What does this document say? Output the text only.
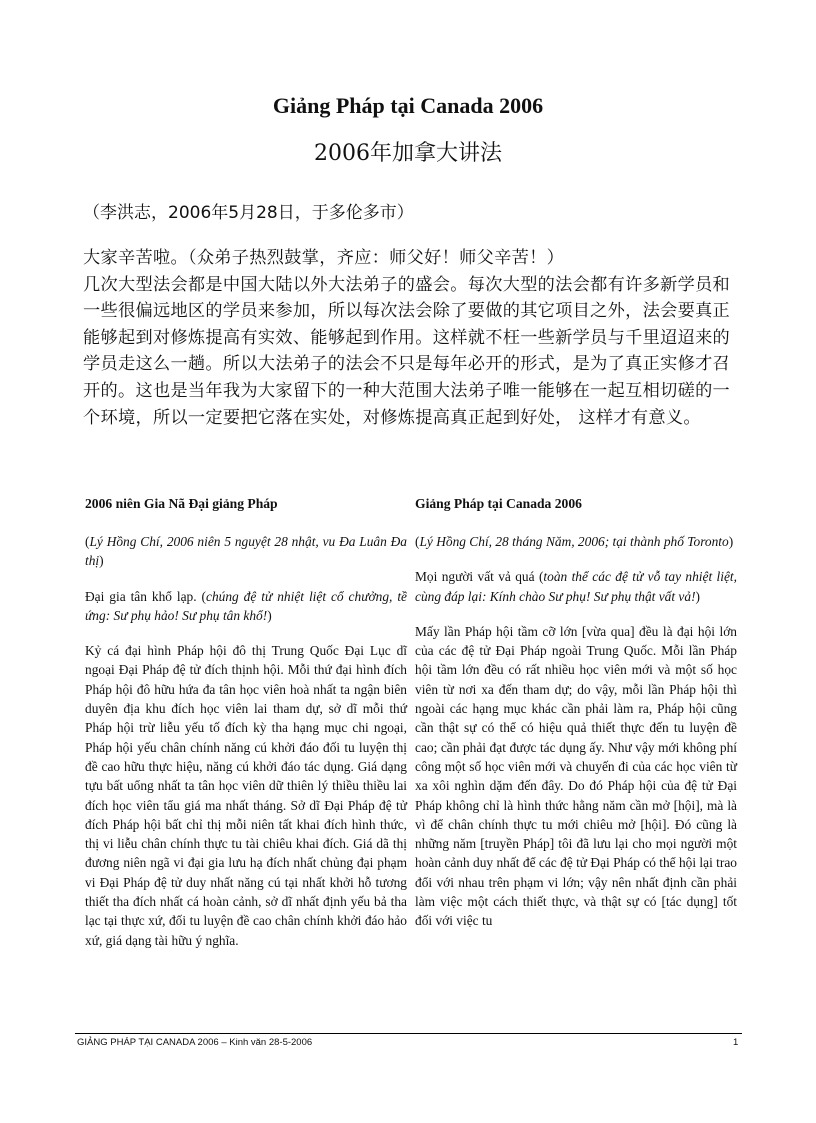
Giảng Pháp tại Canada 2006
2006年加拿大讲法
（李洪志，2006年5月28日，于多伦多市）

大家辛苦啦。（众弟子热烈鼓掌，齐应：师父好！师父辛苦！）

几次大型法会都是中国大陆以外大法弟子的盛会。每次大型的法会都有许多新学员和一些很偏远地区的学员来参加，所以每次法会除了要做的其它项目之外，法会要真正能够起到对修炼提高有实效、能够起到作用。这样就不枉一些新学员与千里迢迢来的学员走这么一趟。所以大法弟子的法会不只是每年必开的形式，是为了真正实修才召开的。这也是当年我为大家留下的一种大范围大法弟子唯一能够在一起互相切磋的一个环境，所以一定要把它落在实处，对修炼提高真正起到好处， 这样才有意义。

2006 niên Gia Nã Đại giảng Pháp

(Lý Hồng Chí, 2006 niên 5 nguyệt 28 nhật, vu Đa Luân Đa thị)

Đại gia tân khổ lạp. (chúng đệ tử nhiệt liệt cổ chưởng, tề ứng: Sư phụ hảo! Sư phụ tân khổ!)

Kỷ cá đại hình Pháp hội đô thị Trung Quốc Đại Lục dĩ ngoại Đại Pháp đệ tử đích thịnh hội. Mỗi thứ đại hình đích Pháp hội đô hữu hứa đa tân học viên hoà nhất ta ngận biên duyên địa khu đích học viên lai tham dự, sở dĩ mỗi thứ Pháp hội trừ liễu yếu tố đích kỳ tha hạng mục chi ngoại, Pháp hội yếu chân chính năng cú khởi đáo đối tu luyện thị đề cao hữu thực hiệu, năng cú khởi đáo tác dụng. Giá dạng tựu bất uổng nhất ta tân học viên dữ thiên lý thiều thiều lai đích học viên tẩu giá ma nhất tháng. Sở dĩ Đại Pháp đệ tử đích Pháp hội bất chỉ thị mỗi niên tất khai đích hình thức, thị vi liễu chân chính thực tu tài chiêu khai đích. Giá dã thị đương niên ngã vi đại gia lưu hạ đích nhất chủng đại phạm vi Đại Pháp đệ tử duy nhất năng cú tại nhất khởi hỗ tương thiết tha đích nhất cá hoàn cảnh, sở dĩ nhất định yếu bả tha lạc tại thực xứ, đối tu luyện đề cao chân chính khởi đáo hảo xứ, giá dạng tài hữu ý nghĩa.

Giảng Pháp tại Canada 2006

(Lý Hồng Chí, 28 tháng Năm, 2006; tại thành phố Toronto)

Mọi người vất vả quá (toàn thể các đệ tử vỗ tay nhiệt liệt, cùng đáp lại: Kính chào Sư phụ! Sư phụ thật vất vả!)

Mấy lần Pháp hội tầm cỡ lớn [vừa qua] đều là đại hội lớn của các đệ tử Đại Pháp ngoài Trung Quốc. Mỗi lần Pháp hội tầm lớn đều có rất nhiều học viên mới và một số học viên từ nơi xa đến tham dự; do vậy, mỗi lần Pháp hội thì ngoài các hạng mục khác cần phải làm ra, Pháp hội cũng cần thật sự có thể có hiệu quả thiết thực đến tu luyện đề cao; cần phải đạt được tác dụng ấy. Như vậy mới không phí công một số học viên mới và chuyến đi của các học viên từ xa xôi nghìn dặm đến đây. Do đó Pháp hội của đệ tử Đại Pháp không chỉ là hình thức hằng năm cần mở [hội], mà là vì để chân chính thực tu mới chiêu mở [hội]. Đó cũng là những năm [truyền Pháp] tôi đã lưu lại cho mọi người một hoàn cảnh duy nhất để các đệ tử Đại Pháp có thể hội lại trao đổi với nhau trên phạm vi lớn; vậy nên nhất định cần phải làm việc một cách thiết thực, và thật sự có [tác dụng] tốt đối với việc tu

GIẢNG PHÁP TẠI CANADA 2006 – Kinh văn 28-5-2006	1
